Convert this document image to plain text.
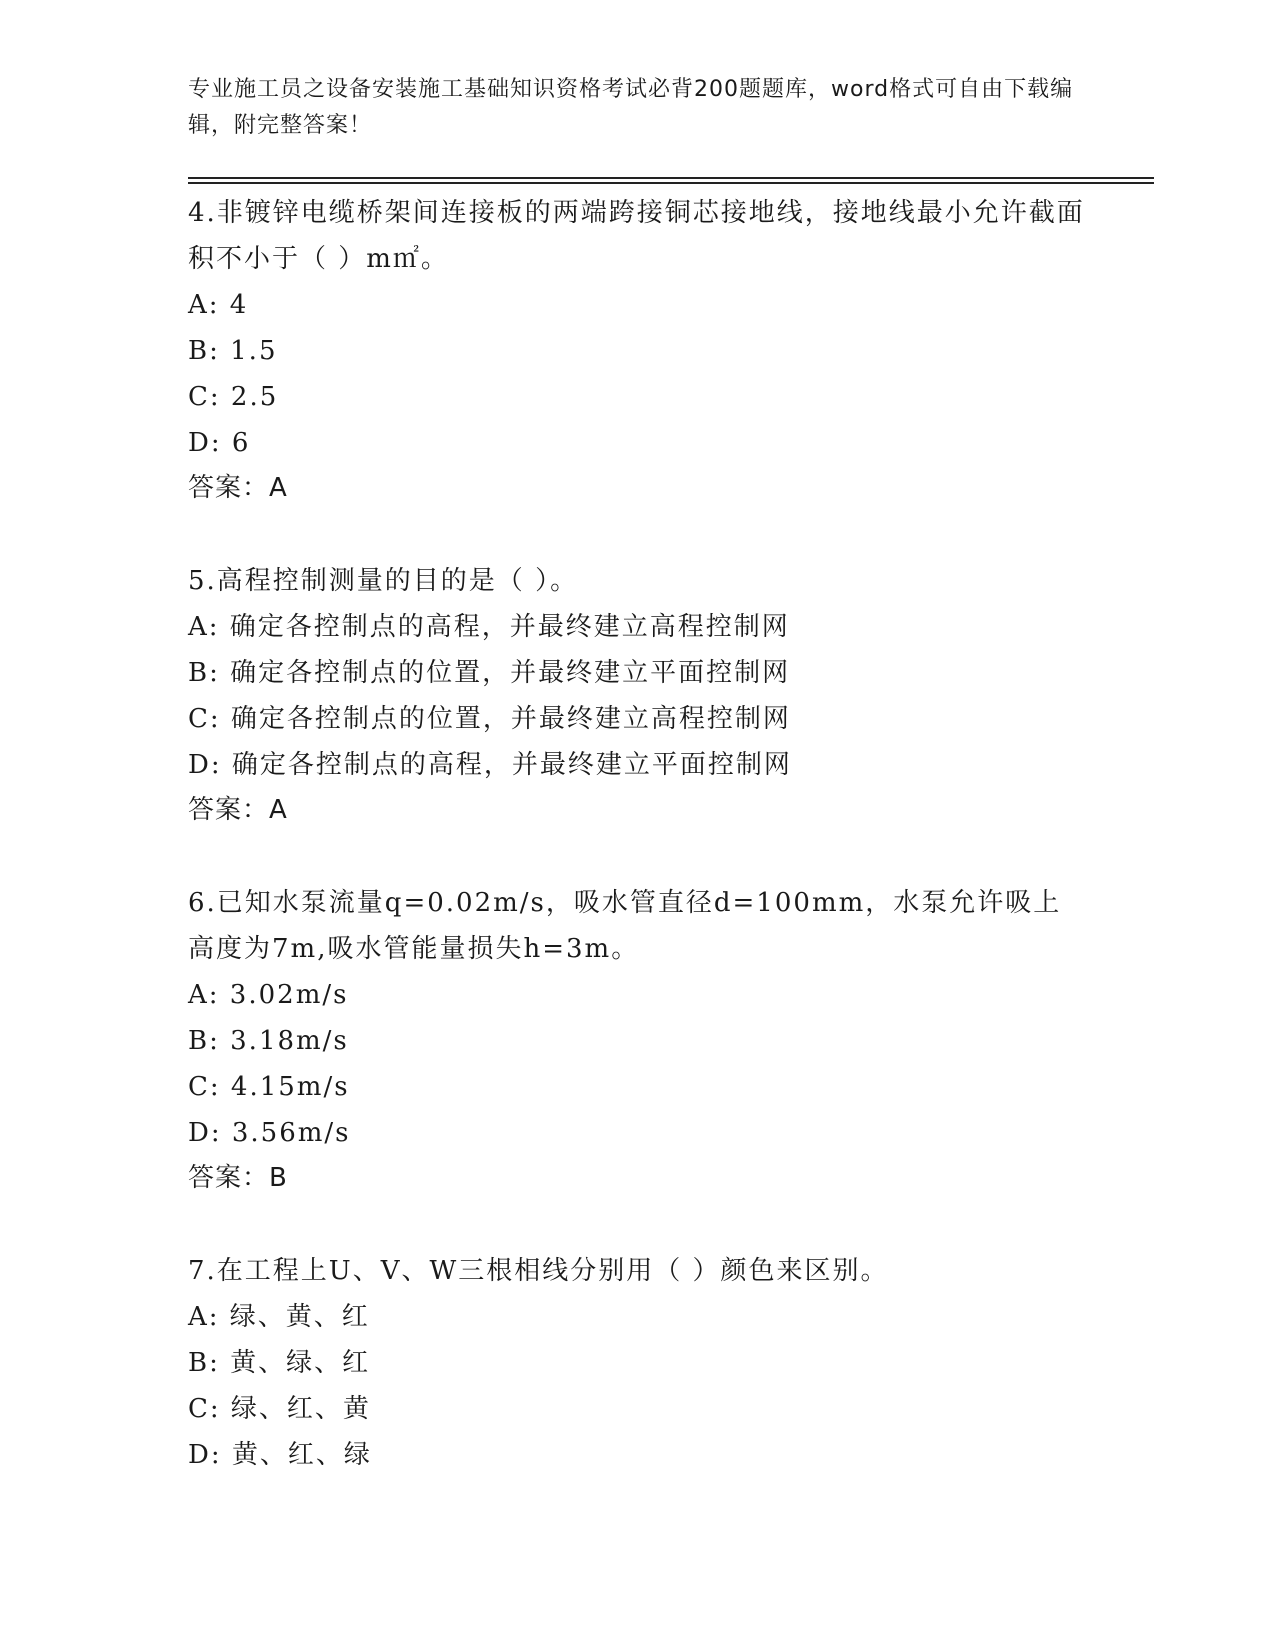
专业施工员之设备安装施工基础知识资格考试必背200题题库，word格式可自由下载编辑，附完整答案！
4.非镀锌电缆桥架间连接板的两端跨接铜芯接地线，接地线最小允许截面积不小于（ ）m㎡。
A: 4
B: 1.5
C: 2.5
D: 6
答案：A
5.高程控制测量的目的是（ ）。
A: 确定各控制点的高程，并最终建立高程控制网
B: 确定各控制点的位置，并最终建立平面控制网
C: 确定各控制点的位置，并最终建立高程控制网
D: 确定各控制点的高程，并最终建立平面控制网
答案：A
6.已知水泵流量q=0.02m/s，吸水管直径d=100mm，水泵允许吸上高度为7m,吸水管能量损失h=3m。
A: 3.02m/s
B: 3.18m/s
C: 4.15m/s
D: 3.56m/s
答案：B
7.在工程上U、V、W三根相线分别用（ ）颜色来区别。
A: 绿、黄、红
B: 黄、绿、红
C: 绿、红、黄
D: 黄、红、绿
